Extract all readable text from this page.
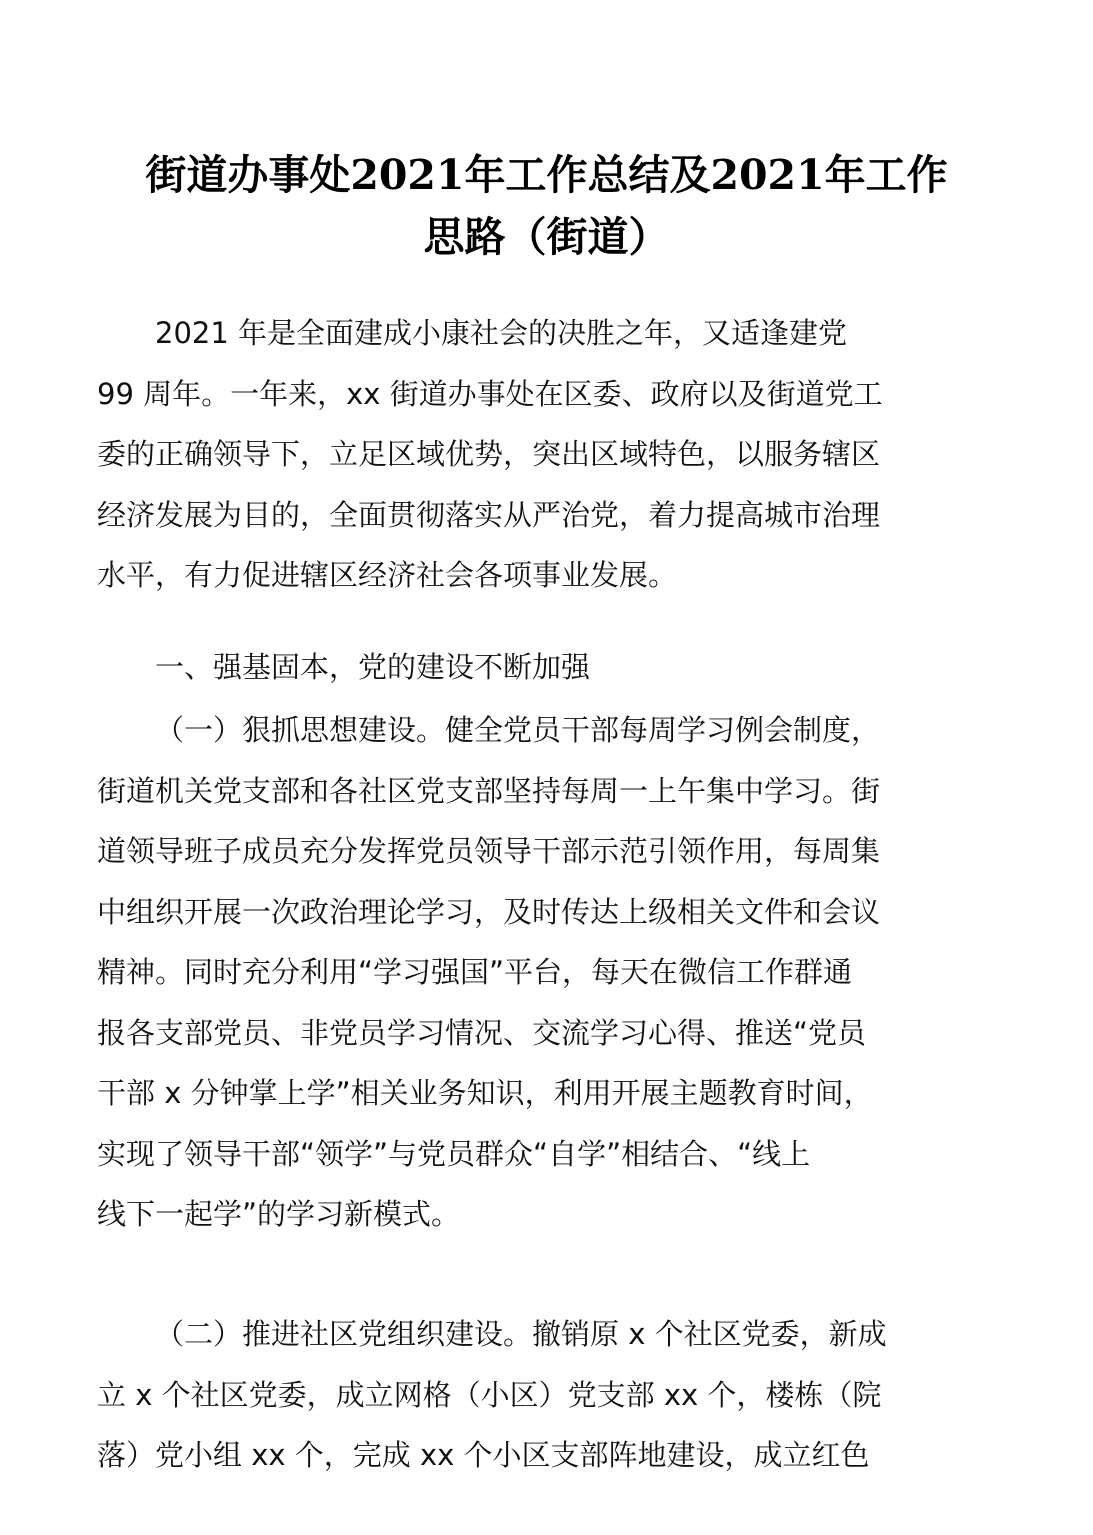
街道办事处2021年工作总结及2021年工作
思路（街道）
2021 年是全面建成小康社会的决胜之年，又适逢建党
99 周年。一年来，xx 街道办事处在区委、政府以及街道党工
委的正确领导下，立足区域优势，突出区域特色，以服务辖区
经济发展为目的，全面贯彻落实从严治党，着力提高城市治理
水平，有力促进辖区经济社会各项事业发展。
一、强基固本，党的建设不断加强
（一）狠抓思想建设。健全党员干部每周学习例会制度，
街道机关党支部和各社区党支部坚持每周一上午集中学习。街
道领导班子成员充分发挥党员领导干部示范引领作用，每周集
中组织开展一次政治理论学习，及时传达上级相关文件和会议
精神。同时充分利用“学习强国”平台，每天在微信工作群通
报各支部党员、非党员学习情况、交流学习心得、推送“党员
干部 x 分钟掌上学”相关业务知识，利用开展主题教育时间，
实现了领导干部“领学”与党员群众“自学”相结合、“线上
线下一起学”的学习新模式。
（二）推进社区党组织建设。撤销原 x 个社区党委，新成
立 x 个社区党委，成立网格（小区）党支部 xx 个，楼栋（院
落）党小组 xx 个，完成 xx 个小区支部阵地建设，成立红色
